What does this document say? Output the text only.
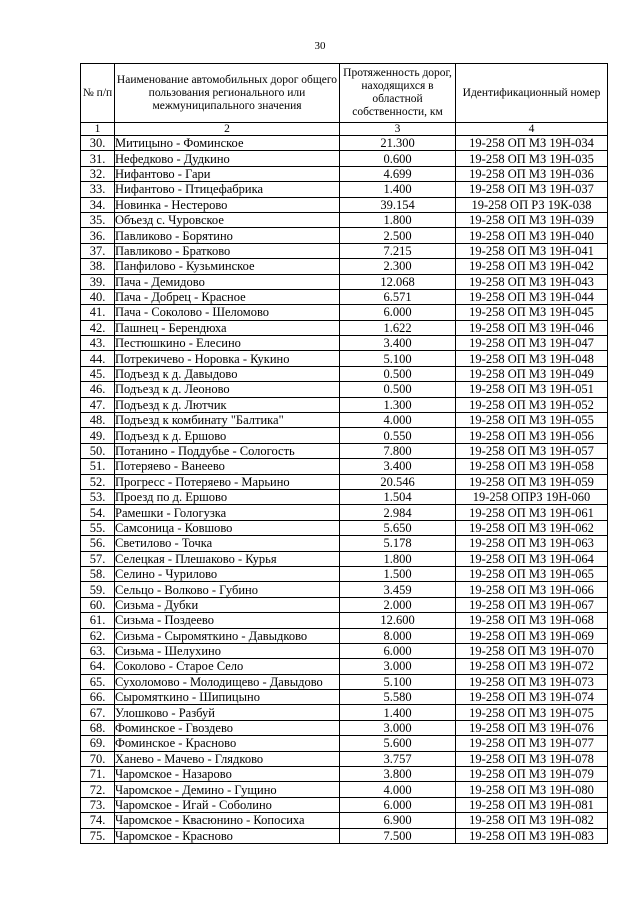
30
№ п/п	Наименование автомобильных дорог общего пользования регионального или межмуниципального значения	Протяженность дорог, находящихся в областной собственности, км	Идентификационный номер
1	2	3	4
30.	Митицыно - Фоминское	21.300	19-258 ОП МЗ 19Н-034
31.	Нефедково - Дудкино	0.600	19-258 ОП МЗ 19Н-035
32.	Нифантово - Гари	4.699	19-258 ОП МЗ 19Н-036
33.	Нифантово - Птицефабрика	1.400	19-258 ОП МЗ 19Н-037
34.	Новинка - Нестерово	39.154	19-258 ОП РЗ 19К-038
35.	Объезд с. Чуровское	1.800	19-258 ОП МЗ 19Н-039
36.	Павликово - Борятино	2.500	19-258 ОП МЗ 19Н-040
37.	Павликово - Братково	7.215	19-258 ОП МЗ 19Н-041
38.	Панфилово - Кузьминское	2.300	19-258 ОП МЗ 19Н-042
39.	Пача - Демидово	12.068	19-258 ОП МЗ 19Н-043
40.	Пача - Добрец - Красное	6.571	19-258 ОП МЗ 19Н-044
41.	Пача - Соколово - Шеломово	6.000	19-258 ОП МЗ 19Н-045
42.	Пашнец - Берендюха	1.622	19-258 ОП МЗ 19Н-046
43.	Пестюшкино - Елесино	3.400	19-258 ОП МЗ 19Н-047
44.	Потрекичево - Норовка - Кукино	5.100	19-258 ОП МЗ 19Н-048
45.	Подъезд к д. Давыдово	0.500	19-258 ОП МЗ 19Н-049
46.	Подъезд к д. Леоново	0.500	19-258 ОП МЗ 19Н-051
47.	Подъезд к д. Лютчик	1.300	19-258 ОП МЗ 19Н-052
48.	Подъезд к комбинату "Балтика"	4.000	19-258 ОП МЗ 19Н-055
49.	Подъезд к д. Ершово	0.550	19-258 ОП МЗ 19Н-056
50.	Потанино - Поддубье - Сологость	7.800	19-258 ОП МЗ 19Н-057
51.	Потеряево - Ванеево	3.400	19-258 ОП МЗ 19Н-058
52.	Прогресс - Потеряево - Марьино	20.546	19-258 ОП МЗ 19Н-059
53.	Проезд по д. Ершово	1.504	19-258 ОПРЗ 19Н-060
54.	Рамешки - Гологузка	2.984	19-258 ОП МЗ 19Н-061
55.	Самсоница - Ковшово	5.650	19-258 ОП МЗ 19Н-062
56.	Светилово - Точка	5.178	19-258 ОП МЗ 19Н-063
57.	Селецкая - Плешаково - Курья	1.800	19-258 ОП МЗ 19Н-064
58.	Селино - Чурилово	1.500	19-258 ОП МЗ 19Н-065
59.	Сельцо - Волково - Губино	3.459	19-258 ОП МЗ 19Н-066
60.	Сизьма - Дубки	2.000	19-258 ОП МЗ 19Н-067
61.	Сизьма - Поздеево	12.600	19-258 ОП МЗ 19Н-068
62.	Сизьма - Сыромяткино - Давыдково	8.000	19-258 ОП МЗ 19Н-069
63.	Сизьма - Шелухино	6.000	19-258 ОП МЗ 19Н-070
64.	Соколово - Старое Село	3.000	19-258 ОП МЗ 19Н-072
65.	Сухоломово - Молодищево - Давыдово	5.100	19-258 ОП МЗ 19Н-073
66.	Сыромяткино - Шипицыно	5.580	19-258 ОП МЗ 19Н-074
67.	Улошково - Разбуй	1.400	19-258 ОП МЗ 19Н-075
68.	Фоминское - Гвоздево	3.000	19-258 ОП МЗ 19Н-076
69.	Фоминское - Красново	5.600	19-258 ОП МЗ 19Н-077
70.	Ханево - Мачево - Глядково	3.757	19-258 ОП МЗ 19Н-078
71.	Чаромское - Назарово	3.800	19-258 ОП МЗ 19Н-079
72.	Чаромское - Демино - Гущино	4.000	19-258 ОП МЗ 19Н-080
73.	Чаромское - Игай - Соболино	6.000	19-258 ОП МЗ 19Н-081
74.	Чаромское - Квасюнино - Копосиха	6.900	19-258 ОП МЗ 19Н-082
75.	Чаромское - Красново	7.500	19-258 ОП МЗ 19Н-083
